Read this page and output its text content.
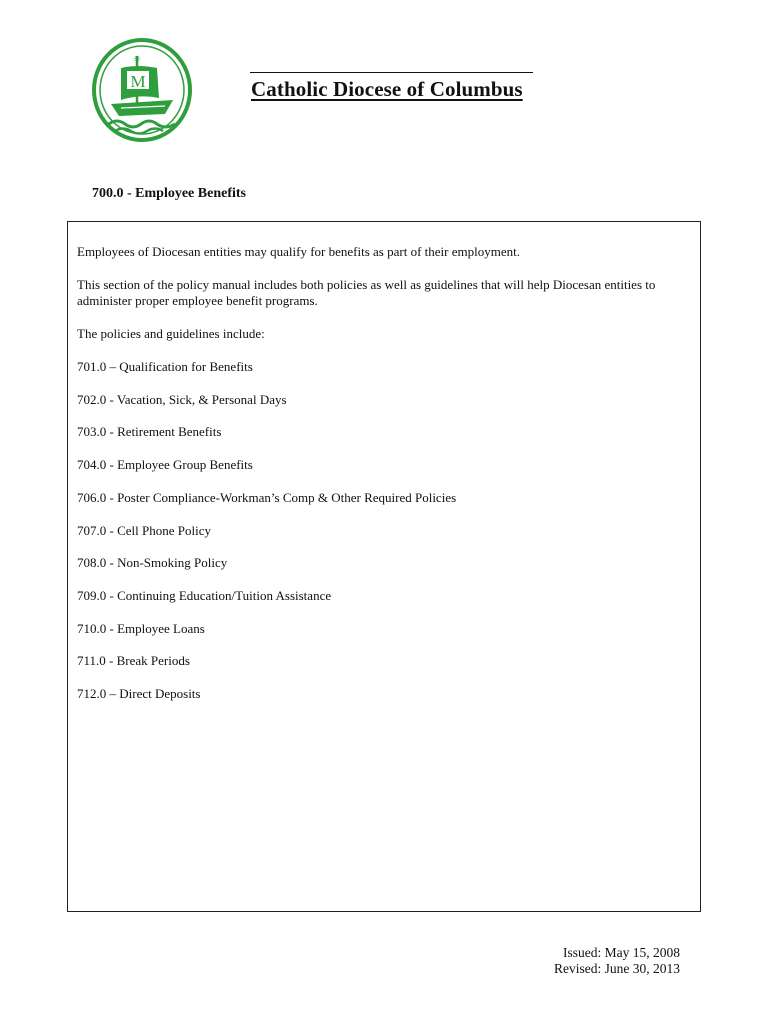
M
✳
Catholic Diocese of Columbus
700.0 - Employee Benefits
Employees of Diocesan entities may qualify for benefits as part of their employment.
This section of the policy manual includes both policies as well as guidelines that will help Diocesan entities to administer proper employee benefit programs.
The policies and guidelines include:
701.0 – Qualification for Benefits
702.0 - Vacation, Sick, & Personal Days
703.0 - Retirement Benefits
704.0 - Employee Group Benefits
706.0 - Poster Compliance-Workman’s Comp & Other Required Policies
707.0 - Cell Phone Policy
708.0 - Non-Smoking Policy
709.0 - Continuing Education/Tuition Assistance
710.0 - Employee Loans
711.0 - Break Periods
712.0 – Direct Deposits
Issued: May 15, 2008
Revised: June 30, 2013
